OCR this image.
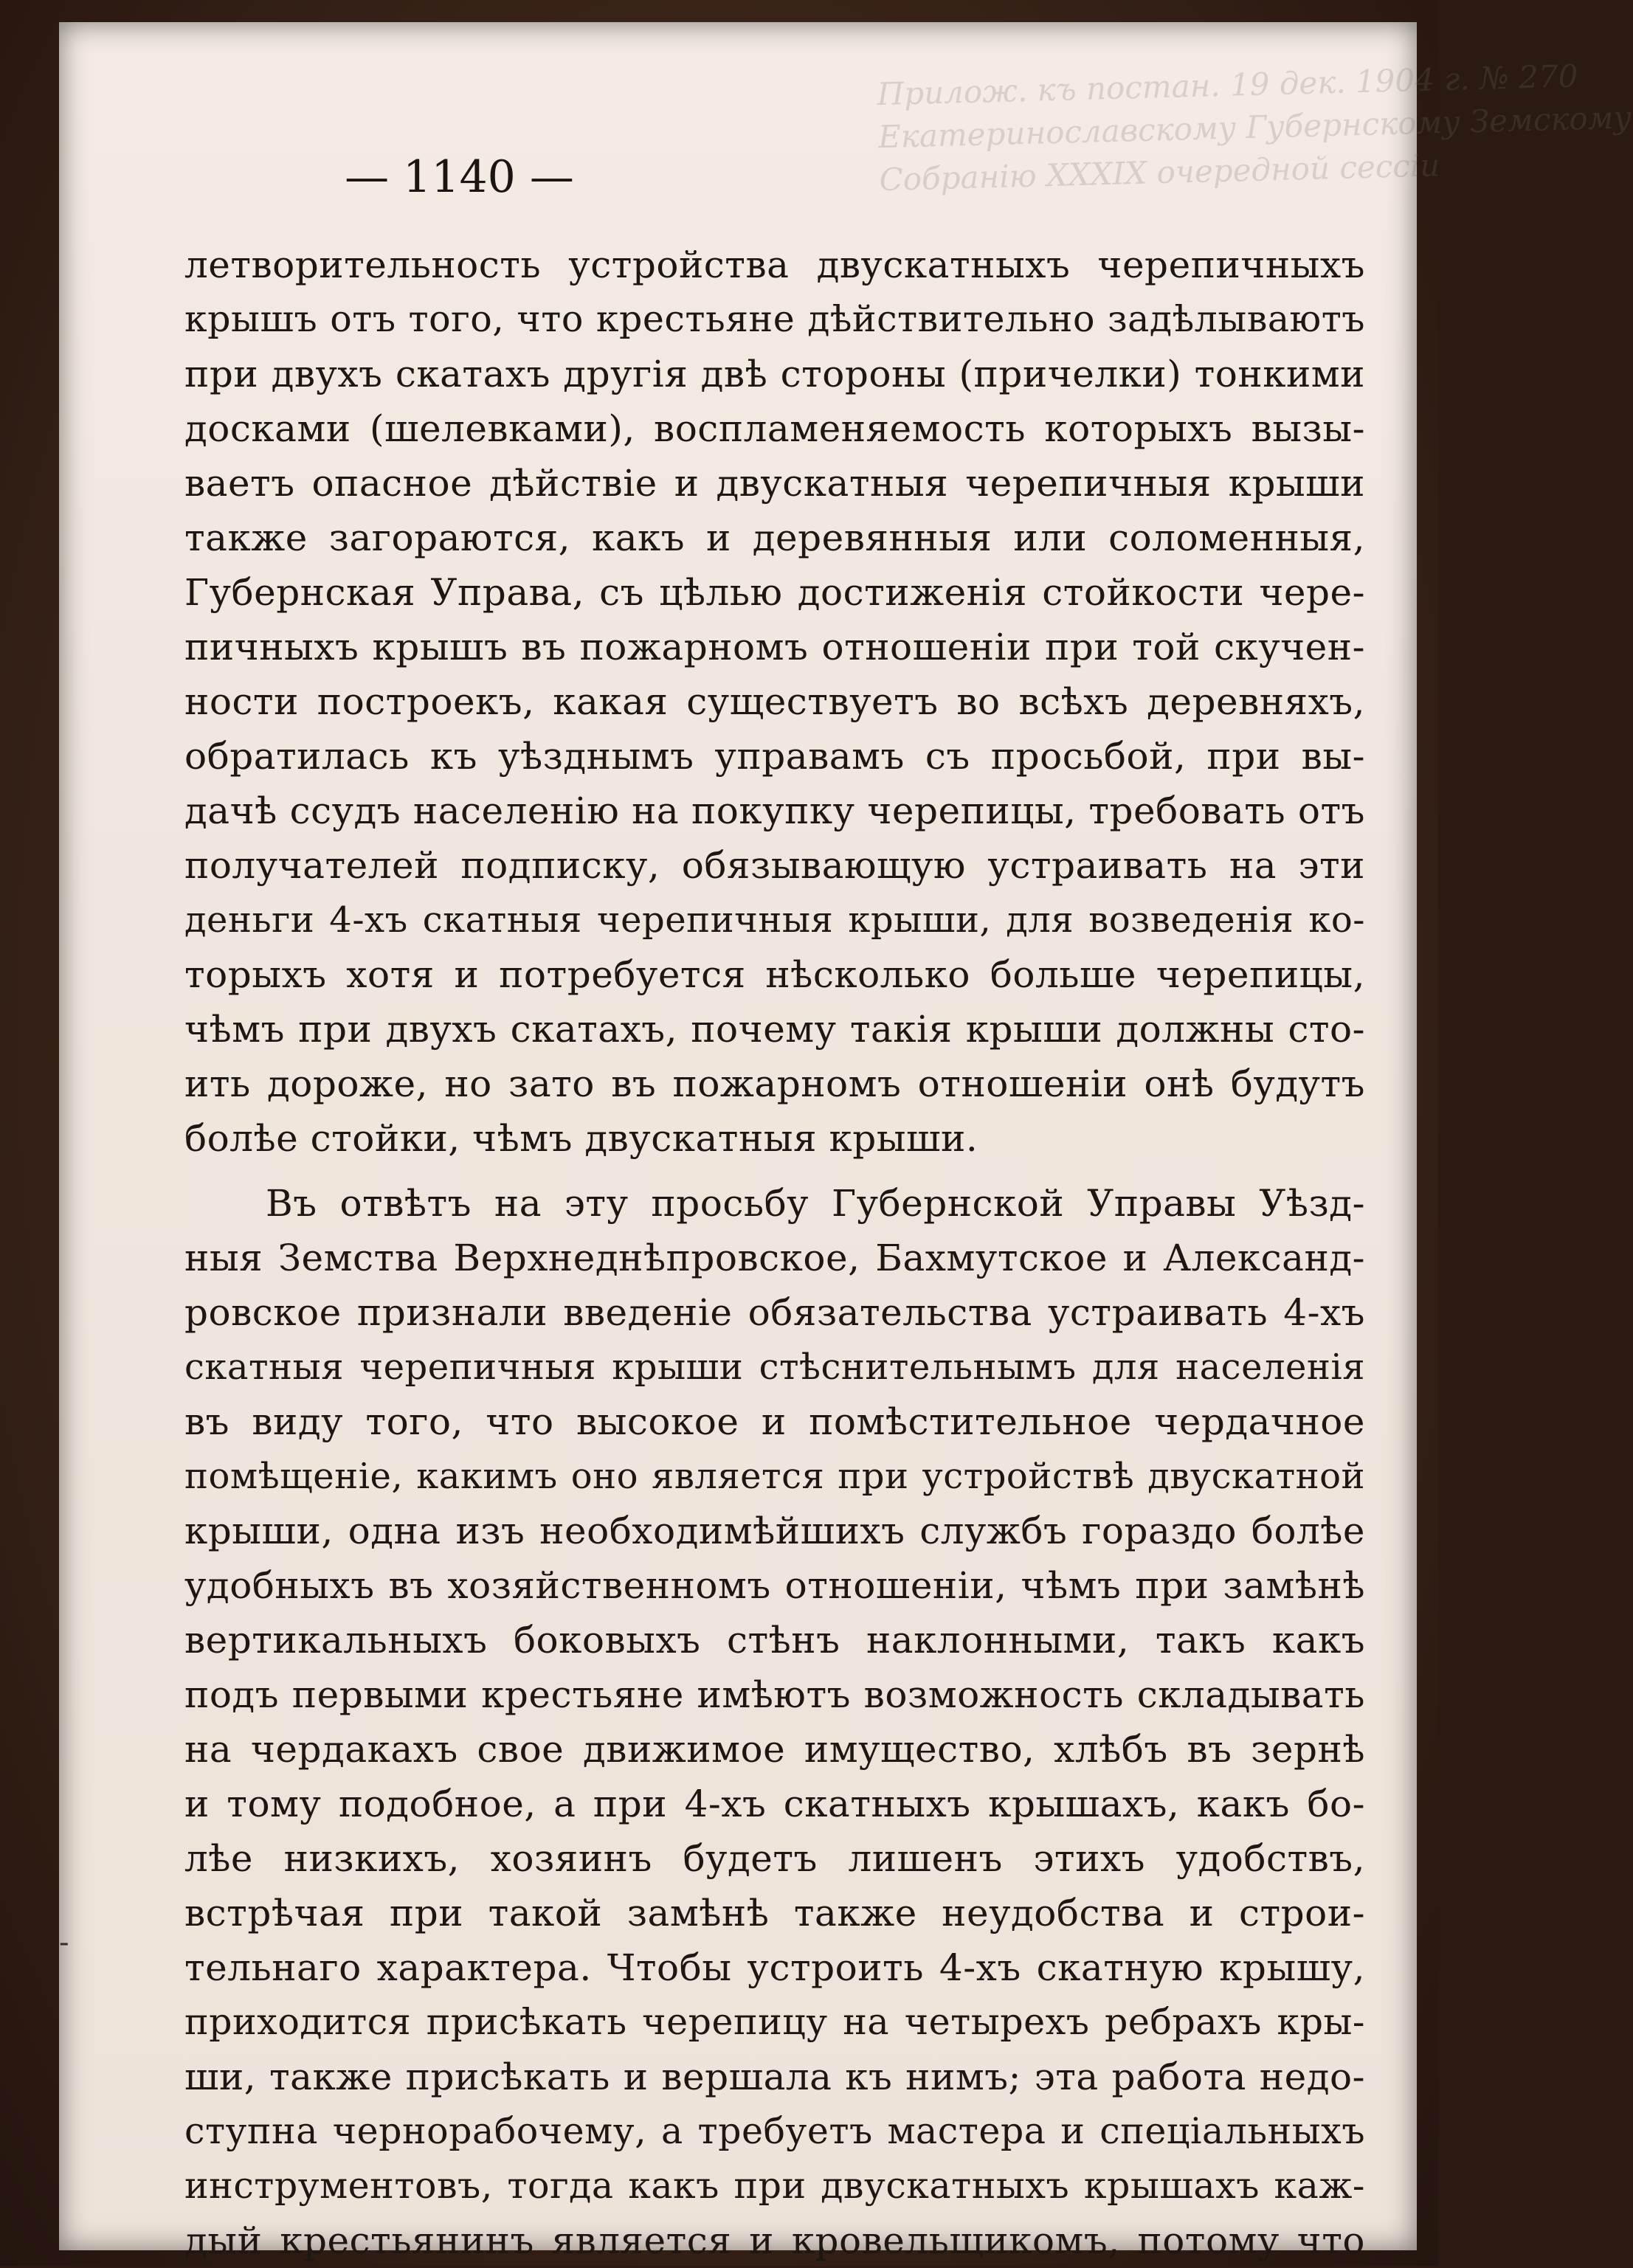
Прилож. къ постан. 19 дек. 1904 г. № 270
Екатеринославскому Губернскому Земскому
Собранію XXXIX очередной сессіи
— 1140 —
летворительность устройства двускатныхъ черепичныхъ
крышъ отъ того, что крестьяне дѣйствительно задѣлываютъ
при двухъ скатахъ другія двѣ стороны (причелки) тонкими
досками (шелевками), воспламеняемость которыхъ вызы-
ваетъ опасное дѣйствіе и двускатныя черепичныя крыши
также загораются, какъ и деревянныя или соломенныя,
Губернская Управа, съ цѣлью достиженія стойкости чере-
пичныхъ крышъ въ пожарномъ отношеніи при той скучен-
ности построекъ, какая существуетъ во всѣхъ деревняхъ,
обратилась къ уѣзднымъ управамъ съ просьбой, при вы-
дачѣ ссудъ населенію на покупку черепицы, требовать отъ
получателей подписку, обязывающую устраивать на эти
деньги 4-хъ скатныя черепичныя крыши, для возведенія ко-
торыхъ хотя и потребуется нѣсколько больше черепицы,
чѣмъ при двухъ скатахъ, почему такія крыши должны сто-
ить дороже, но зато въ пожарномъ отношеніи онѣ будутъ
болѣе стойки, чѣмъ двускатныя крыши.
Въ отвѣтъ на эту просьбу Губернской Управы Уѣзд-
ныя Земства Верхнеднѣпровское, Бахмутское и Александ-
ровское признали введеніе обязательства устраивать 4-хъ
скатныя черепичныя крыши стѣснительнымъ для населенія
въ виду того, что высокое и помѣстительное чердачное
помѣщеніе, какимъ оно является при устройствѣ двускатной
крыши, одна изъ необходимѣйшихъ службъ гораздо болѣе
удобныхъ въ хозяйственномъ отношеніи, чѣмъ при замѣнѣ
вертикальныхъ боковыхъ стѣнъ наклонными, такъ какъ
подъ первыми крестьяне имѣютъ возможность складывать
на чердакахъ свое движимое имущество, хлѣбъ въ зернѣ
и тому подобное, а при 4-хъ скатныхъ крышахъ, какъ бо-
лѣе низкихъ, хозяинъ будетъ лишенъ этихъ удобствъ,
встрѣчая при такой замѣнѣ также неудобства и строи-
тельнаго характера. Чтобы устроить 4-хъ скатную крышу,
приходится присѣкать черепицу на четырехъ ребрахъ кры-
ши, также присѣкать и вершала къ нимъ; эта работа недо-
ступна чернорабочему, а требуетъ мастера и спеціальныхъ
инструментовъ, тогда какъ при двускатныхъ крышахъ каж-
дый крестьянинъ является и кровельщикомъ, потому что
-
